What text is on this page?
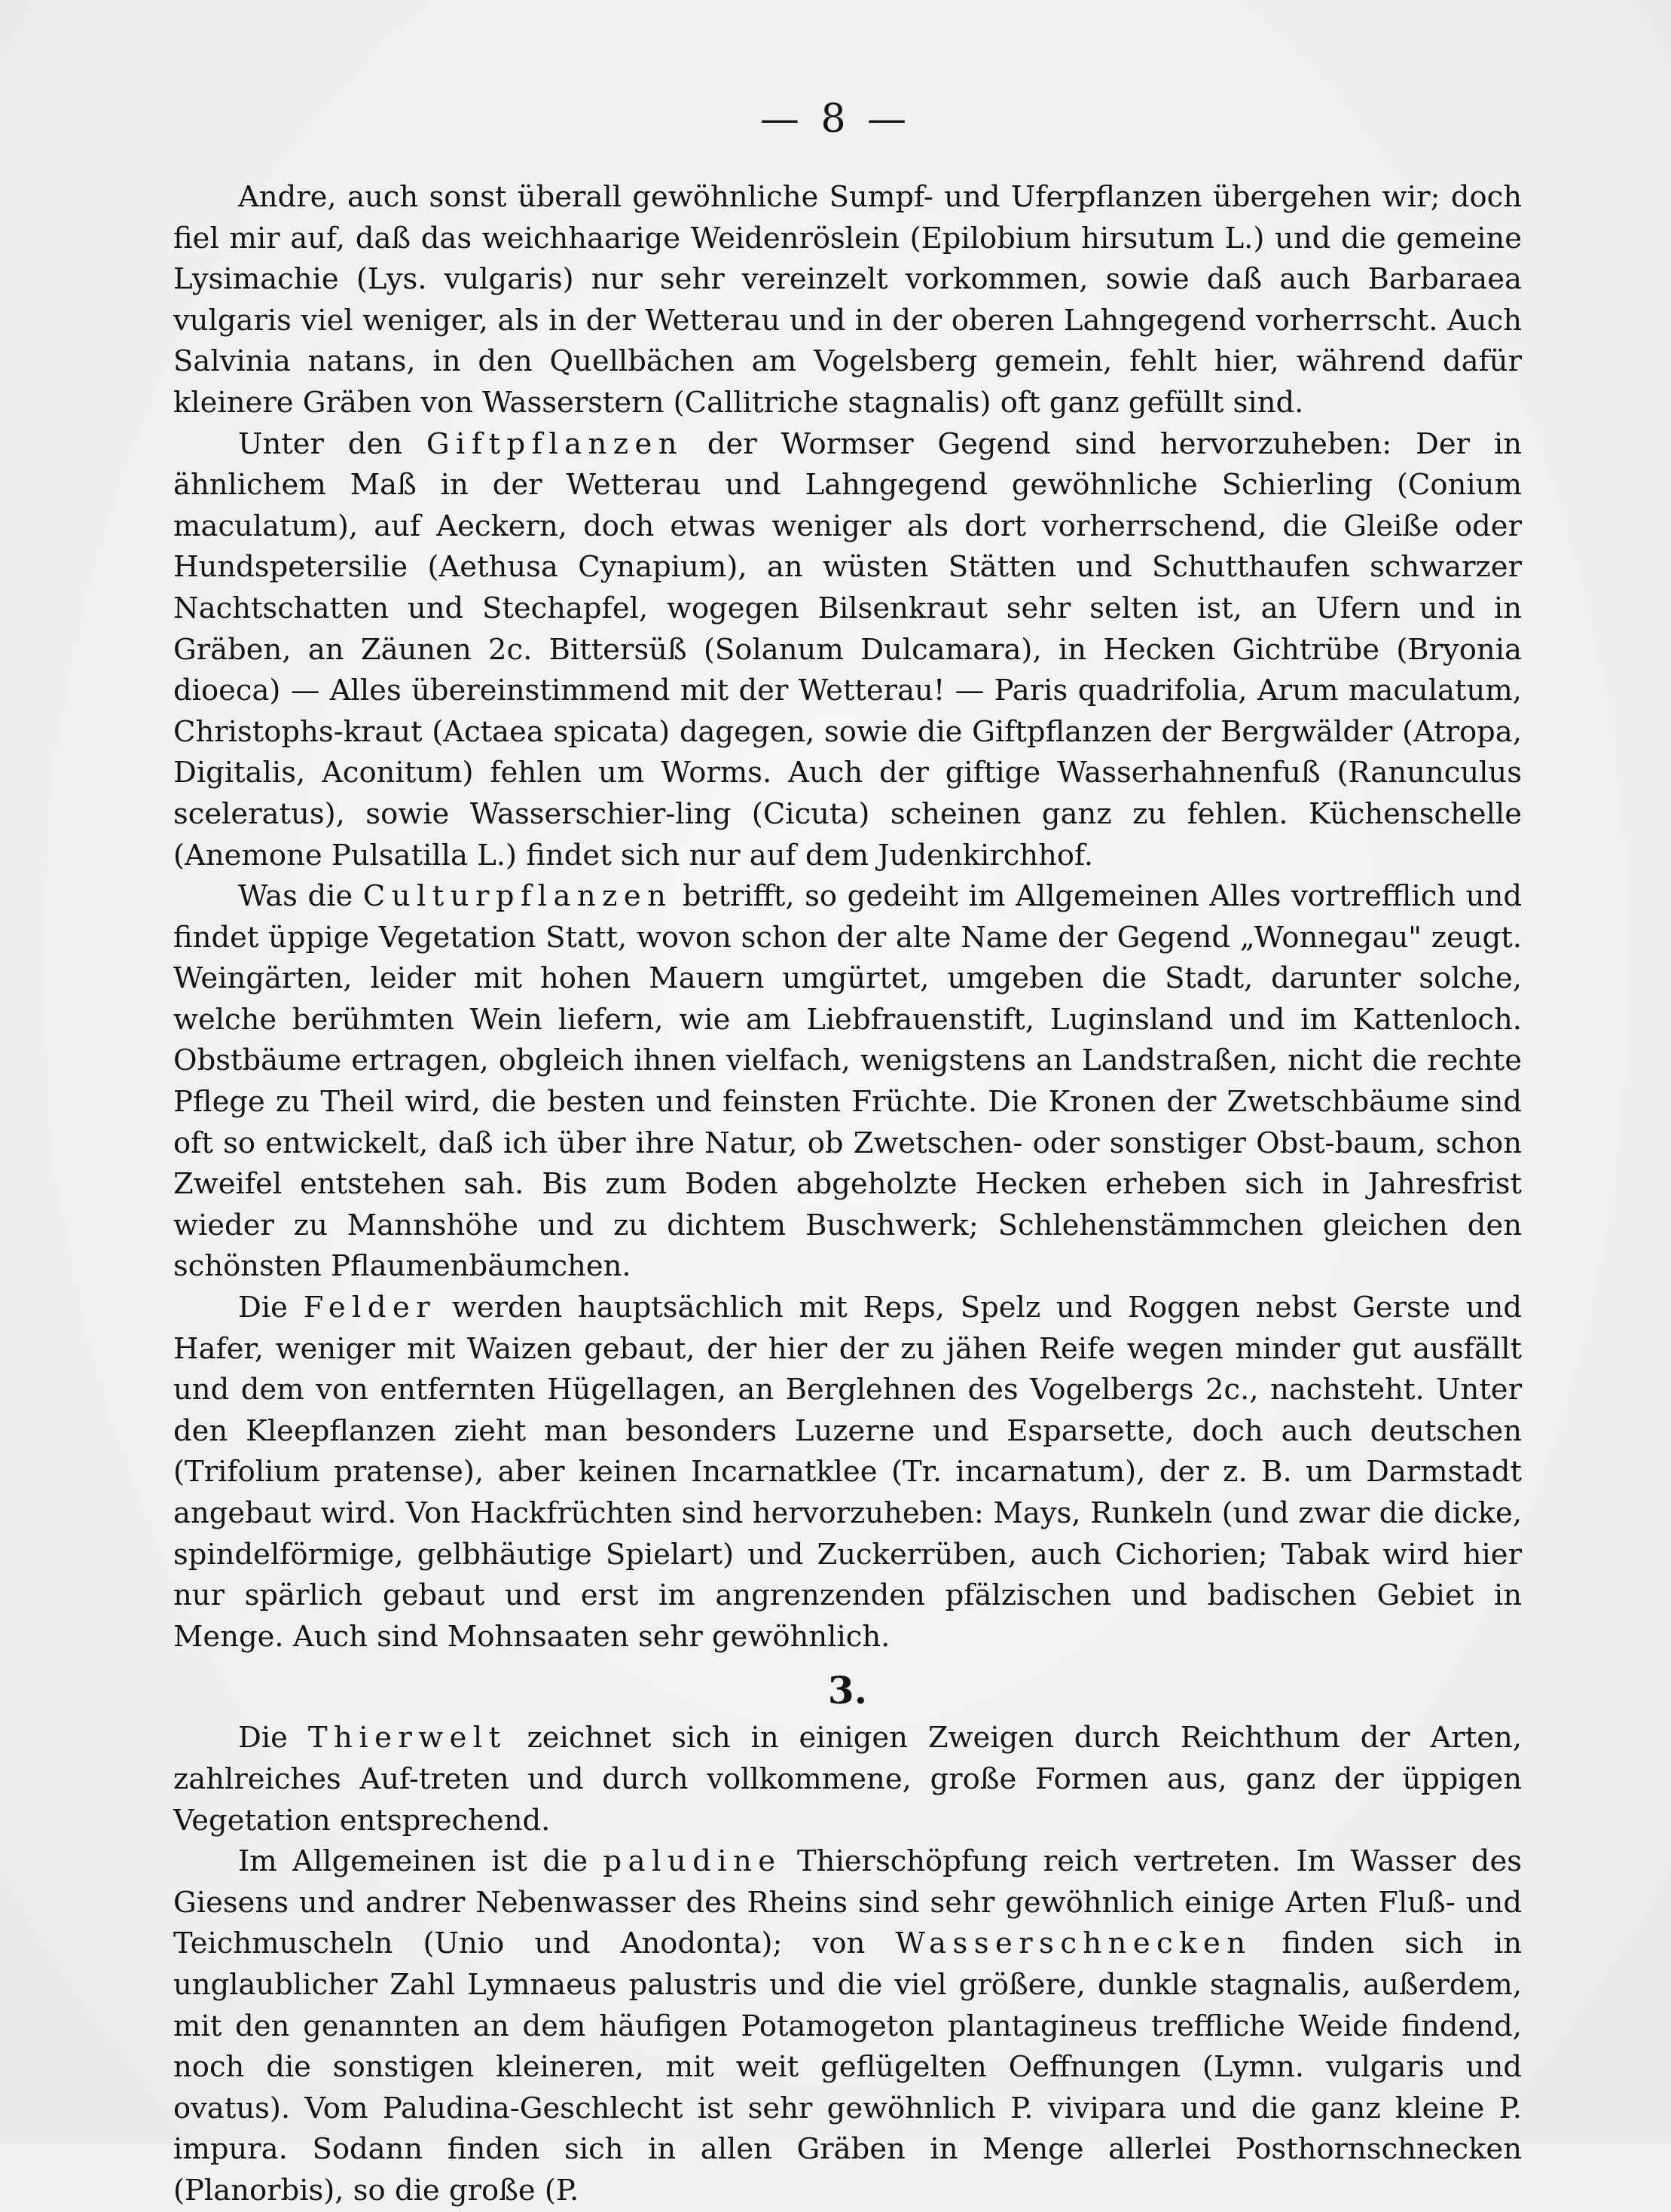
— 8 —

Andre, auch sonst überall gewöhnliche Sumpf- und Uferpflanzen übergehen wir; doch fiel mir auf, daß das weichhaarige Weidenröslein (Epilobium hirsutum L.) und die gemeine Lysimachie (Lys. vulgaris) nur sehr vereinzelt vorkommen, sowie daß auch Barbaraea vulgaris viel weniger, als in der Wetterau und in der oberen Lahngegend vorherrscht. Auch Salvinia natans, in den Quellbächen am Vogelsberg gemein, fehlt hier, während dafür kleinere Gräben von Wasserstern (Callitriche stagnalis) oft ganz gefüllt sind.

Unter den Giftpflanzen der Wormser Gegend sind hervorzuheben: Der in ähnlichem Maß in der Wetterau und Lahngegend gewöhnliche Schierling (Conium maculatum), auf Aeckern, doch etwas weniger als dort vorherrschend, die Gleiße oder Hundspetersilie (Aethusa Cynapium), an wüsten Stätten und Schutthaufen schwarzer Nachtschatten und Stechapfel, wogegen Bilsenkraut sehr selten ist, an Ufern und in Gräben, an Zäunen 2c. Bittersüß (Solanum Dulcamara), in Hecken Gichtrübe (Bryonia dioeca) — Alles übereinstimmend mit der Wetterau! — Paris quadrifolia, Arum maculatum, Christophs-kraut (Actaea spicata) dagegen, sowie die Giftpflanzen der Bergwälder (Atropa, Digitalis, Aconitum) fehlen um Worms. Auch der giftige Wasserhahnenfuß (Ranunculus sceleratus), sowie Wasserschier-ling (Cicuta) scheinen ganz zu fehlen. Küchenschelle (Anemone Pulsatilla L.) findet sich nur auf dem Judenkirchhof.

Was die Culturpflanzen betrifft, so gedeiht im Allgemeinen Alles vortrefflich und findet üppige Vegetation Statt, wovon schon der alte Name der Gegend „Wonnegau" zeugt. Weingärten, leider mit hohen Mauern umgürtet, umgeben die Stadt, darunter solche, welche berühmten Wein liefern, wie am Liebfrauenstift, Luginsland und im Kattenloch. Obstbäume ertragen, obgleich ihnen vielfach, wenigstens an Landstraßen, nicht die rechte Pflege zu Theil wird, die besten und feinsten Früchte. Die Kronen der Zwetschbäume sind oft so entwickelt, daß ich über ihre Natur, ob Zwetschen- oder sonstiger Obst-baum, schon Zweifel entstehen sah. Bis zum Boden abgeholzte Hecken erheben sich in Jahresfrist wieder zu Mannshöhe und zu dichtem Buschwerk; Schlehenstämmchen gleichen den schönsten Pflaumenbäumchen.

Die Felder werden hauptsächlich mit Reps, Spelz und Roggen nebst Gerste und Hafer, weniger mit Waizen gebaut, der hier der zu jähen Reife wegen minder gut ausfällt und dem von entfernten Hügellagen, an Berglehnen des Vogelbergs 2c., nachsteht. Unter den Kleepflanzen zieht man besonders Luzerne und Esparsette, doch auch deutschen (Trifolium pratense), aber keinen Incarnatklee (Tr. incarnatum), der z. B. um Darmstadt angebaut wird. Von Hackfrüchten sind hervorzuheben: Mays, Runkeln (und zwar die dicke, spindelförmige, gelbhäutige Spielart) und Zuckerrüben, auch Cichorien; Tabak wird hier nur spärlich gebaut und erst im angrenzenden pfälzischen und badischen Gebiet in Menge. Auch sind Mohnsaaten sehr gewöhnlich.

3.

Die Thierwelt zeichnet sich in einigen Zweigen durch Reichthum der Arten, zahlreiches Auf-treten und durch vollkommene, große Formen aus, ganz der üppigen Vegetation entsprechend.

Im Allgemeinen ist die paludine Thierschöpfung reich vertreten. Im Wasser des Giesens und andrer Nebenwasser des Rheins sind sehr gewöhnlich einige Arten Fluß- und Teichmuscheln (Unio und Anodonta); von Wasserschnecken finden sich in unglaublicher Zahl Lymnaeus palustris und die viel größere, dunkle stagnalis, außerdem, mit den genannten an dem häufigen Potamogeton plantagineus treffliche Weide findend, noch die sonstigen kleineren, mit weit geflügelten Oeffnungen (Lymn. vulgaris und ovatus). Vom Paludina-Geschlecht ist sehr gewöhnlich P. vivipara und die ganz kleine P. impura. Sodann finden sich in allen Gräben in Menge allerlei Posthornschnecken (Planorbis), so die große (P.
